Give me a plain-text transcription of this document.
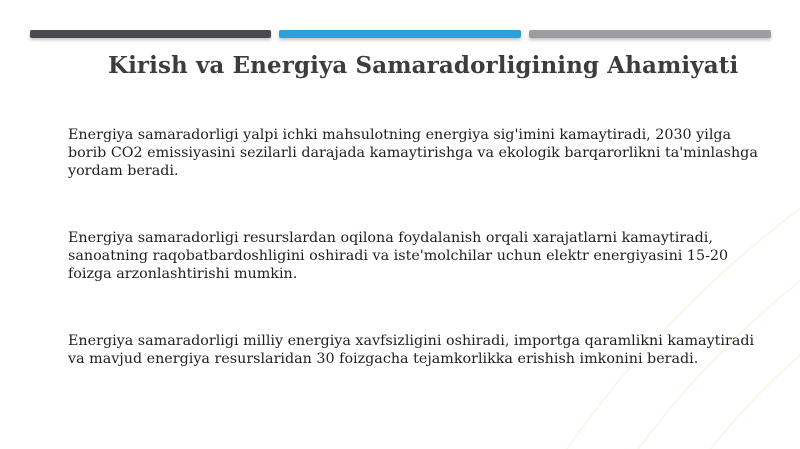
Kirish va Energiya Samaradorligining Ahamiyati

Energiya samaradorligi yalpi ichki mahsulotning energiya sig'imini kamaytiradi, 2030 yilga borib CO2 emissiyasini sezilarli darajada kamaytirishga va ekologik barqarorlikni ta'minlashga yordam beradi.

Energiya samaradorligi resurslardan oqilona foydalanish orqali xarajatlarni kamaytiradi, sanoatning raqobatbardoshligini oshiradi va iste'molchilar uchun elektr energiyasini 15-20 foizga arzonlashtirishi mumkin.

Energiya samaradorligi milliy energiya xavfsizligini oshiradi, importga qaramlikni kamaytiradi va mavjud energiya resurslaridan 30 foizgacha tejamkorlikka erishish imkonini beradi.
